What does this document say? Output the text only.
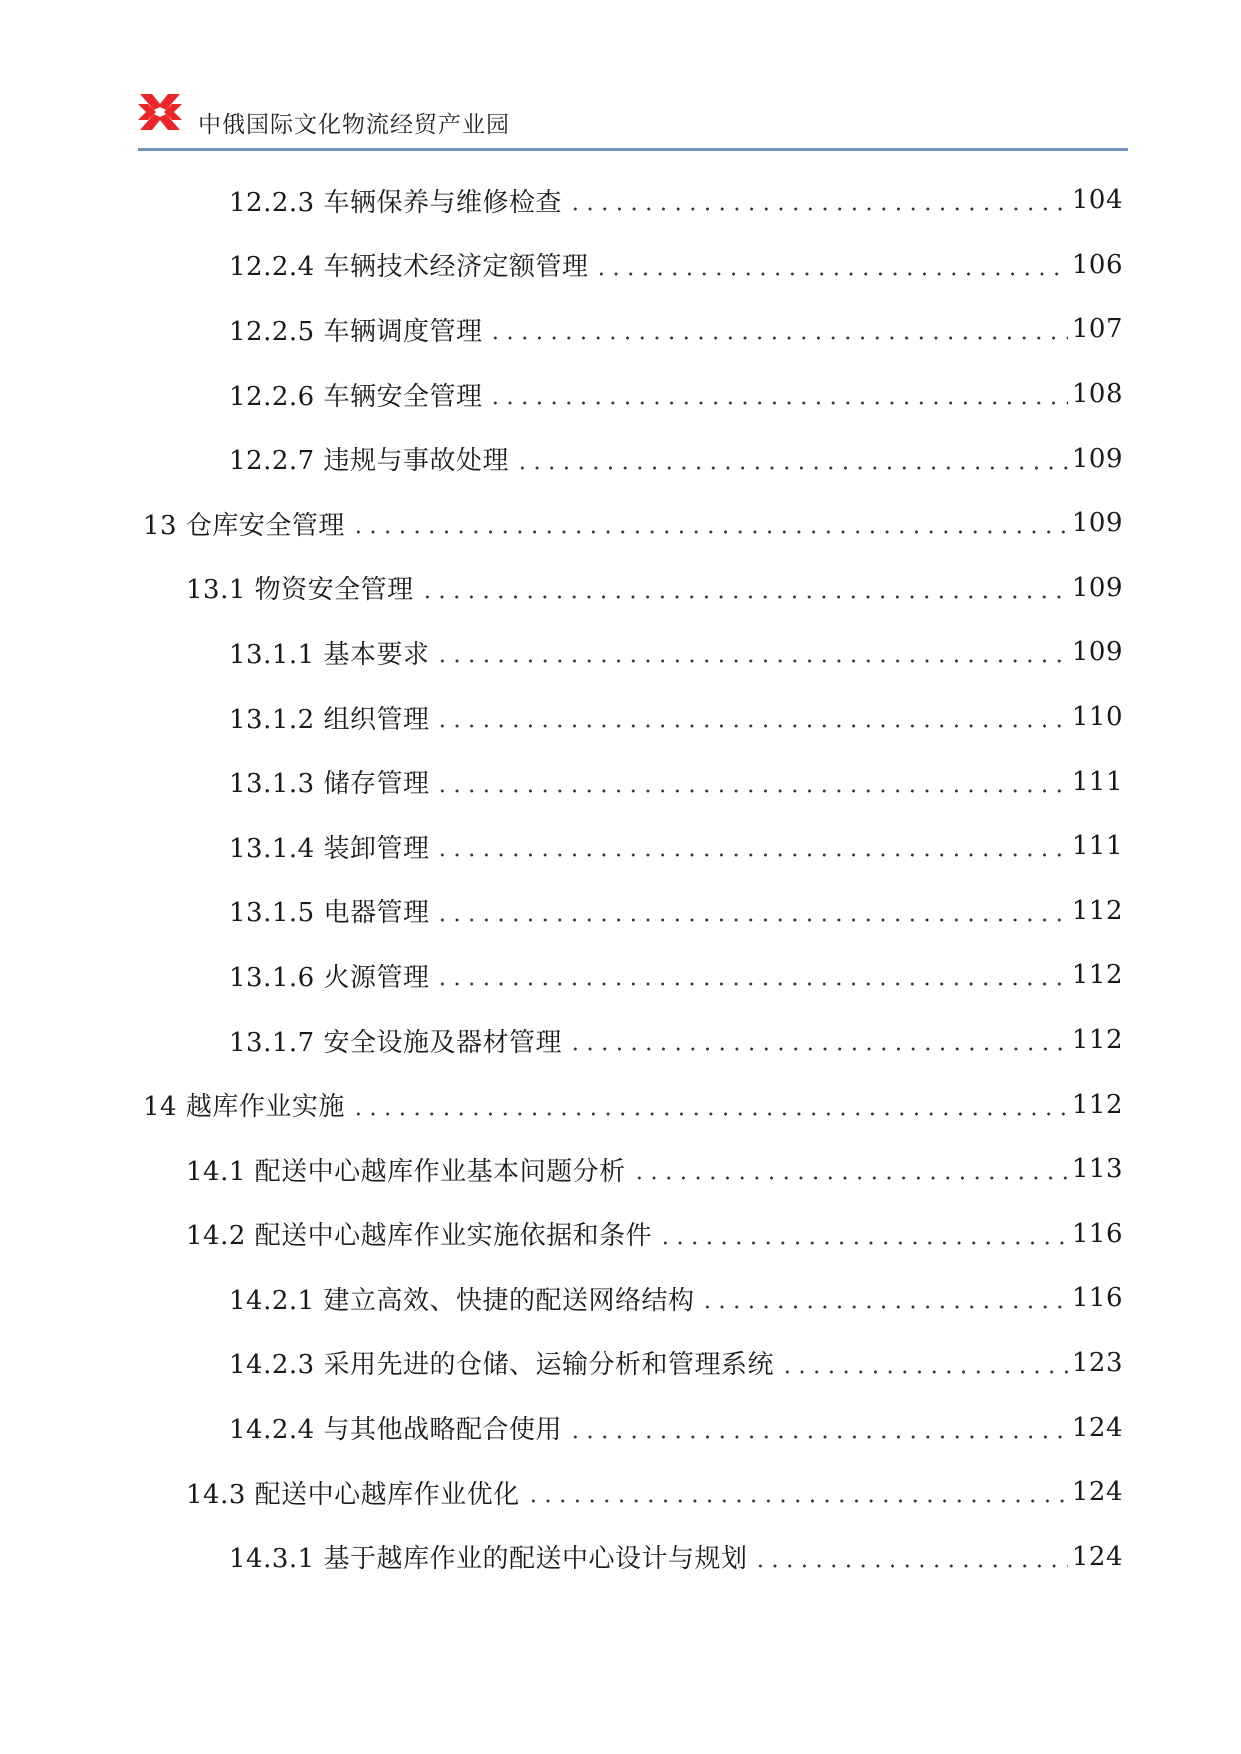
中俄国际文化物流经贸产业园
12.2.3 车辆保养与维修检查	104
12.2.4 车辆技术经济定额管理	106
12.2.5 车辆调度管理	107
12.2.6 车辆安全管理	108
12.2.7 违规与事故处理	109
13 仓库安全管理	109
13.1 物资安全管理	109
13.1.1 基本要求	109
13.1.2 组织管理	110
13.1.3 储存管理	111
13.1.4 装卸管理	111
13.1.5 电器管理	112
13.1.6 火源管理	112
13.1.7 安全设施及器材管理	112
14 越库作业实施	112
14.1 配送中心越库作业基本问题分析	113
14.2 配送中心越库作业实施依据和条件	116
14.2.1 建立高效、快捷的配送网络结构	116
14.2.3 采用先进的仓储、运输分析和管理系统	123
14.2.4 与其他战略配合使用	124
14.3 配送中心越库作业优化	124
14.3.1 基于越库作业的配送中心设计与规划	124
